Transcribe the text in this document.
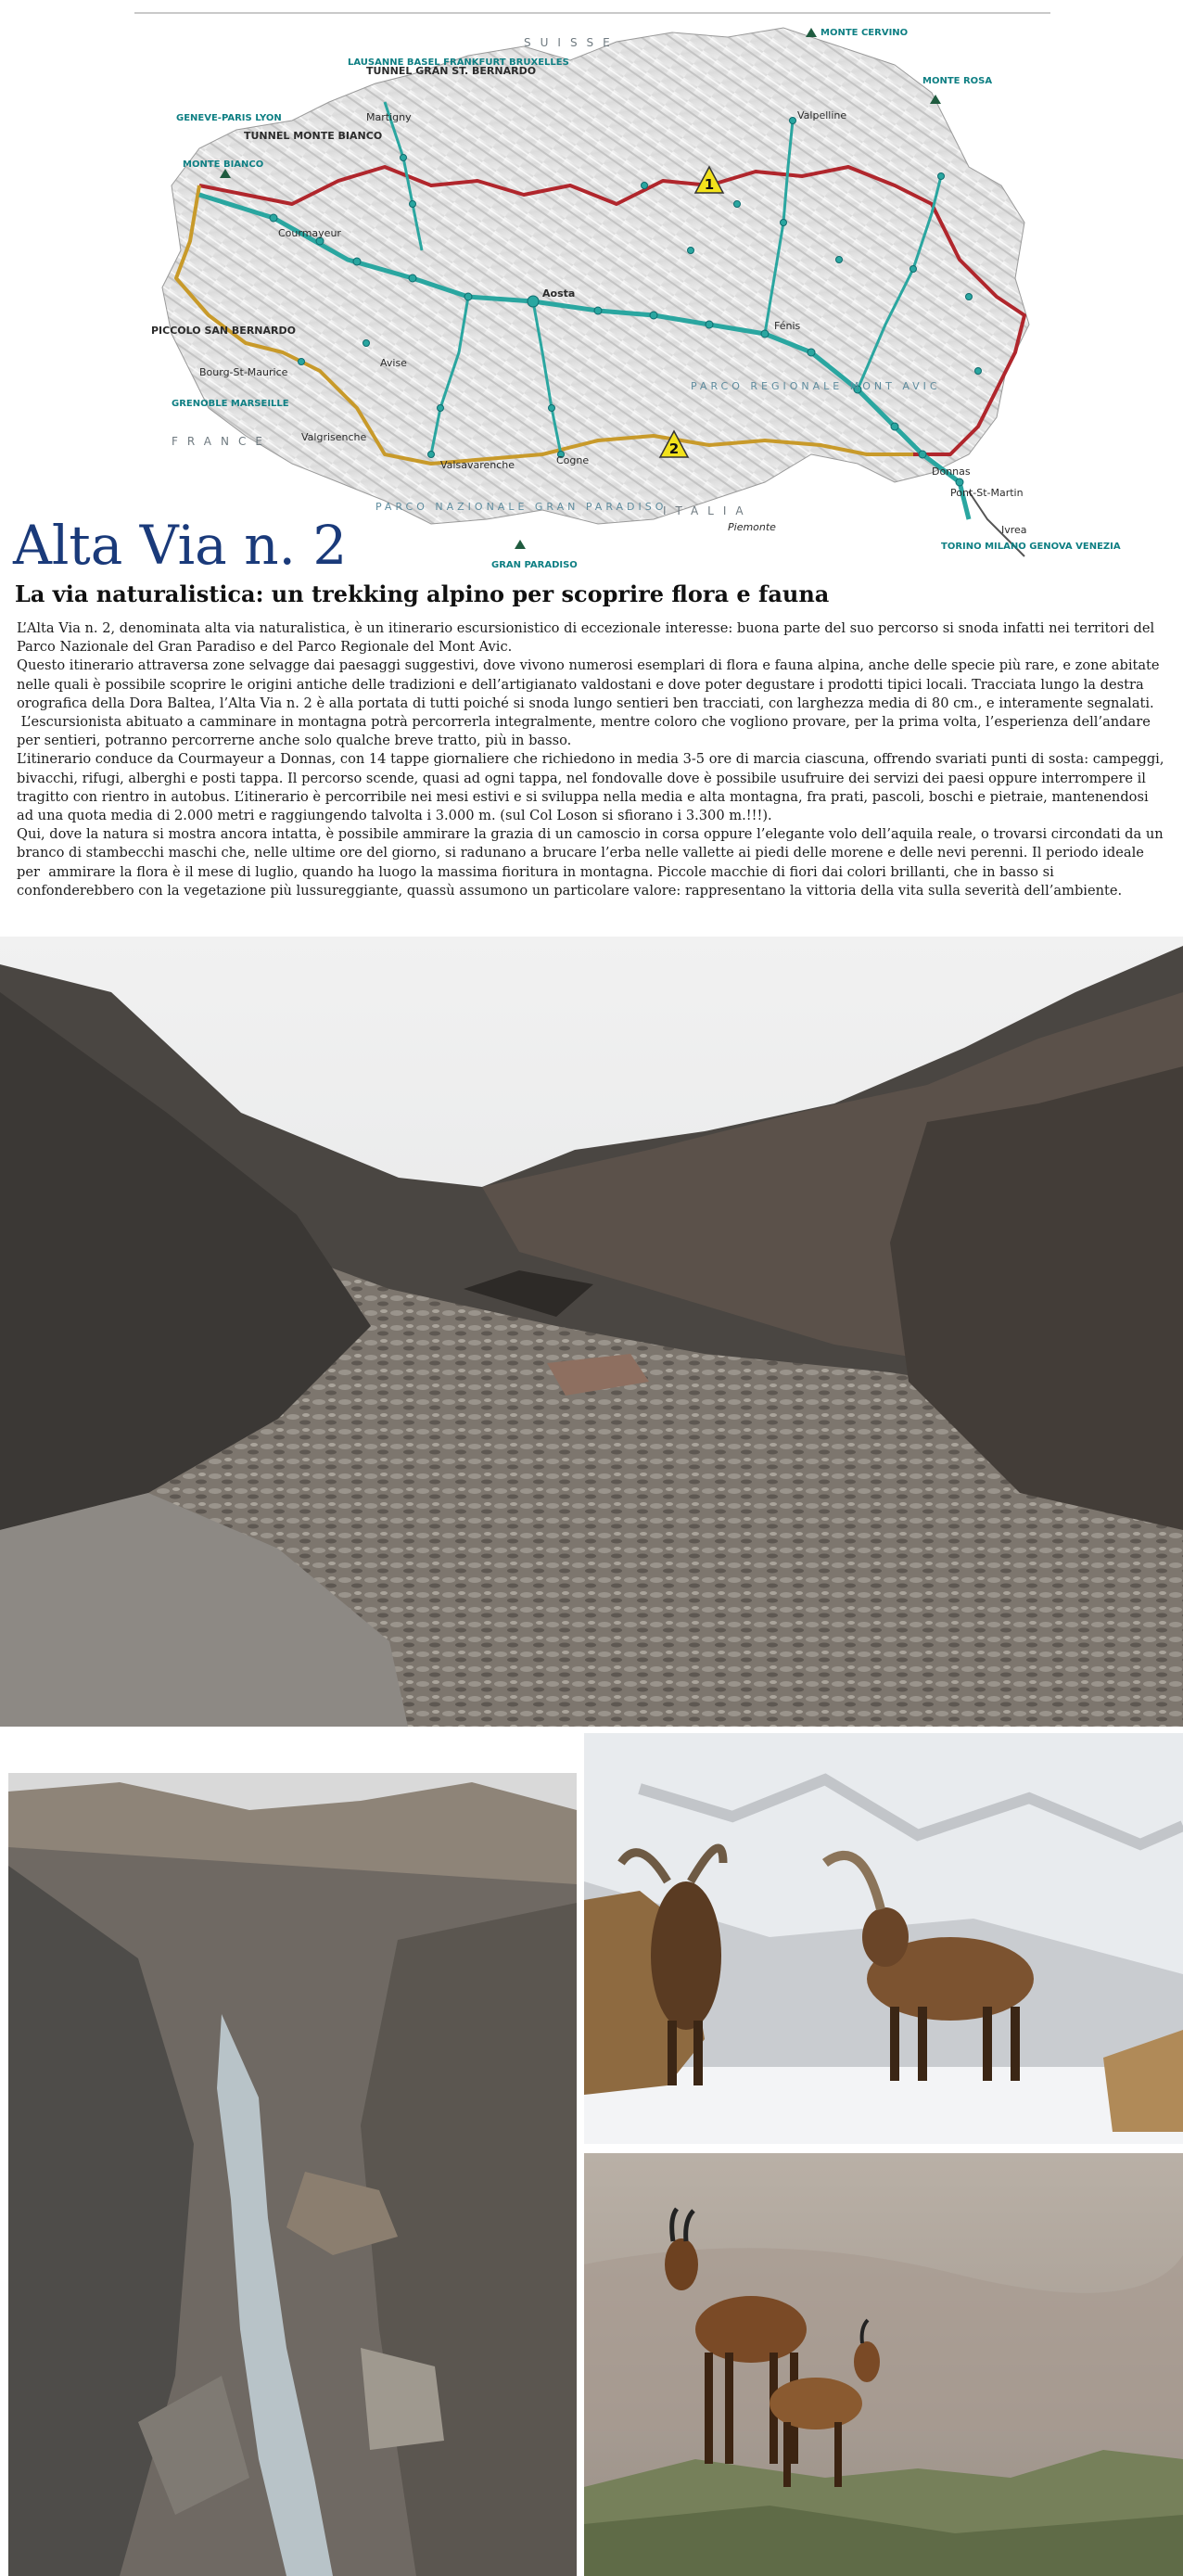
1
2
SUISSE
FRANCE
ITALIA
Piemonte
MONTE CERVINO
MONTE ROSA
MONTE BIANCO
GRAN PARADISO
TUNNEL MONTE BIANCO
TUNNEL GRAN ST. BERNARDO
GENEVE-PARIS LYON
LAUSANNE BASEL FRANKFURT BRUXELLES
Martigny
GRENOBLE MARSEILLE
TORINO MILANO GENOVA VENEZIA
PICCOLO SAN BERNARDO
Bourg-St-Maurice
PARCO REGIONALE MONT AVIC
PARCO NAZIONALE GRAN PARADISO
Courmayeur
Aosta
Cogne
Valpelline
Pont-St-Martin
Fénis
Donnas
Ivrea
Avise
Valsavarenche
Valgrisenche
Alta Via n. 2
La via naturalistica: un trekking alpino per scoprire flora e fauna

L’Alta Via n. 2, denominata alta via naturalistica, è un itinerario escursionistico di eccezionale interesse: buona parte del suo percorso si snoda infatti nei territori del Parco Nazionale del Gran Paradiso e del Parco Regionale del Mont Avic.

Questo itinerario attraversa zone selvagge dai paesaggi suggestivi, dove vivono numerosi esemplari di flora e fauna alpina, anche delle specie più rare, e zone abitate nelle quali è possibile scoprire le origini antiche delle tradizioni e dell’artigianato valdostani e dove poter degustare i prodotti tipici locali. Tracciata lungo la destra orografica della Dora Baltea, l’Alta Via n. 2 è alla portata di tutti poiché si snoda lungo sentieri ben tracciati, con larghezza media di 80 cm., e interamente segnalati.

L’escursionista abituato a camminare in montagna potrà percorrerla integralmente, mentre coloro che vogliono provare, per la prima volta, l’esperienza dell’andare per sentieri, potranno percorrerne anche solo qualche breve tratto, più in basso.

L’itinerario conduce da Courmayeur a Donnas, con 14 tappe giornaliere che richiedono in media 3-5 ore di marcia ciascuna, offrendo svariati punti di sosta: campeggi, bivacchi, rifugi, alberghi e posti tappa. Il percorso scende, quasi ad ogni tappa, nel fondovalle dove è possibile usufruire dei servizi dei paesi oppure interrompere il tragitto con rientro in autobus. L’itinerario è percorribile nei mesi estivi e si sviluppa nella media e alta montagna, fra prati, pascoli, boschi e pietraie, mantenendosi ad una quota media di 2.000 metri e raggiungendo talvolta i 3.000 m. (sul Col Loson si sfiorano i 3.300 m.!!!).

Qui, dove la natura si mostra ancora intatta, è possibile ammirare la grazia di un camoscio in corsa oppure l’elegante volo dell’aquila reale, o trovarsi circondati da un branco di stambecchi maschi che, nelle ultime ore del giorno, si radunano a brucare l’erba nelle vallette ai piedi delle morene e delle nevi perenni. Il periodo ideale per  ammirare la flora è il mese di luglio, quando ha luogo la massima fioritura in montagna. Piccole macchie di fiori dai colori brillanti, che in basso si confonderebbero con la vegetazione più lussureggiante, quassù assumono un particolare valore: rappresentano la vittoria della vita sulla severità dell’ambiente.
